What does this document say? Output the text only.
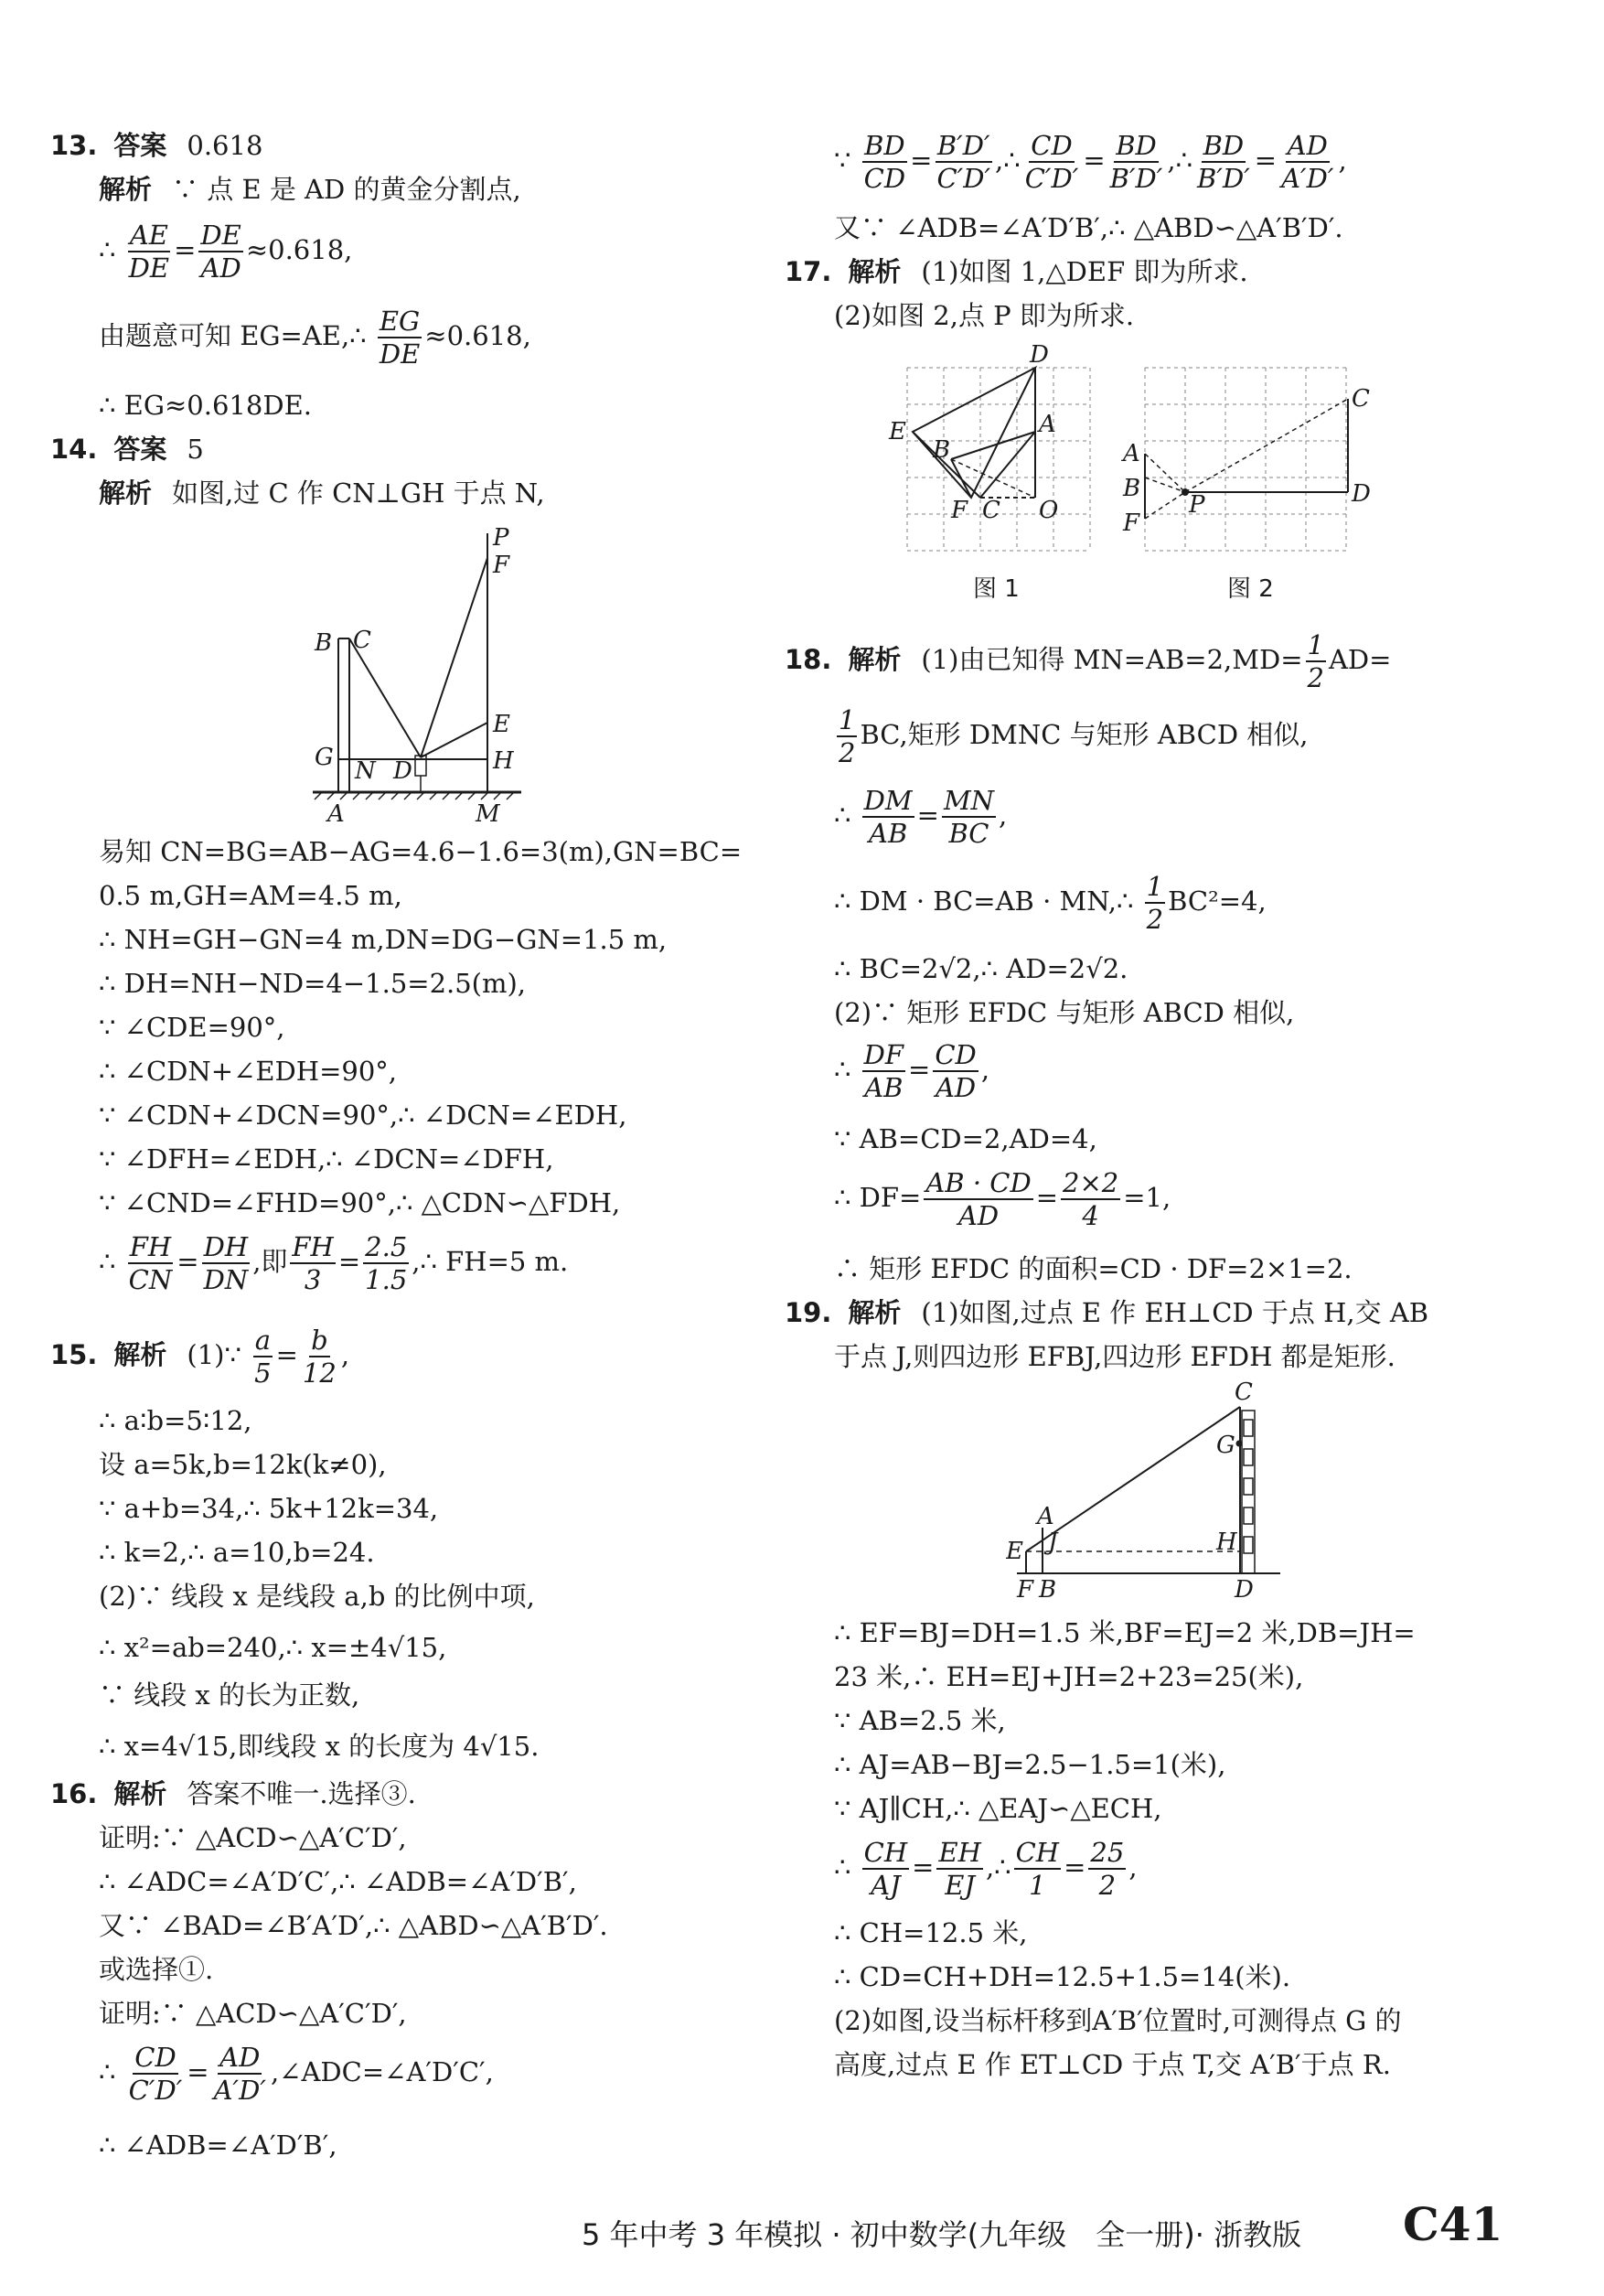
13. 答案 0.618
解析 ∵ 点 E 是 AD 的黄金分割点,
∴ $\frac{AE}{DE} = \frac{DE}{AD} \approx 0.618$,
由题意可知 EG=AE,∴ $\frac{EG}{DE} \approx 0.618$,
∴ EG≈0.618DE.
14. 答案 5
解析 如图,过 C 作 CN⊥GH 于点 N,
P
F
B C
E
G N D	H
A	M
易知 CN=BG=AB−AG=4.6−1.6=3(m),GN=BC=
0.5 m,GH=AM=4.5 m,
∴ NH=GH−GN=4 m,DN=DG−GN=1.5 m,
∴ DH=NH−ND=4−1.5=2.5(m),
∵ ∠CDE=90°,
∴ ∠CDN+∠EDH=90°,
∵ ∠CDN+∠DCN=90°,∴ ∠DCN=∠EDH,
∵ ∠DFH=∠EDH,∴ ∠DCN=∠DFH,
∵ ∠CND=∠FHD=90°,∴ △CDN∽△FDH,
∴ $\frac{FH}{CN} = \frac{DH}{DN}$ ,即 $\frac{FH}{3} = \frac{2.5}{1.5}$ ,∴ FH=5 m.
15. 解析 (1)∵ $\frac{a}{5} = \frac{b}{12}$ ,
∴ a∶b=5∶12,
设 a=5k,b=12k(k≠0),
∵ a+b=34,∴ 5k+12k=34,
∴ k=2,∴ a=10,b=24.
(2)∵ 线段 x 是线段 a,b 的比例中项,
∴ x²=ab=240,∴ x=±4√15,
∵ 线段 x 的长为正数,
∴ x=4√15,即线段 x 的长度为 4√15.
16. 解析 答案不唯一.选择③.
证明:∵ △ACD∽△A′C′D′,
∴ ∠ADC=∠A′D′C′,∴ ∠ADB=∠A′D′B′,
又∵ ∠BAD=∠B′A′D′,∴ △ABD∽△A′B′D′.
或选择①.
证明:∵ △ACD∽△A′C′D′,
∴ $\frac{CD}{C'D'} = \frac{AD}{A'D'}$ ,∠ADC=∠A′D′C′,
∴ ∠ADB=∠A′D′B′,
∵ $\frac{BD}{CD} = \frac{B'D'}{C'D'}$ ,∴ $\frac{CD}{C'D'} = \frac{BD}{B'D'}$ ,∴ $\frac{BD}{B'D'} = \frac{AD}{A'D'}$ ,
又∵ ∠ADB=∠A′D′B′,∴ △ABD∽△A′B′D′.
17. 解析 (1)如图 1,△DEF 即为所求.
(2)如图 2,点 P 即为所求.
D
E	A
B
F C O
图 1
C
A
B
P	D
F
图 2
18. 解析 (1)由已知得 $MN=AB=2,MD= \frac{1}{2} AD=$
$\frac{1}{2}$ BC,矩形 DMNC 与矩形 ABCD 相似,
∴ $\frac{DM}{AB} = \frac{MN}{BC}$ ,
∴ DM · BC=AB · MN,∴ $\frac{1}{2} BC^2=4$,
∴ BC=2√2,∴ AD=2√2.
(2)∵ 矩形 EFDC 与矩形 ABCD 相似,
∴ $\frac{DF}{AB} = \frac{CD}{AD}$ ,
∵ AB=CD=2,AD=4,
∴ $DF= \frac{AB \cdot CD}{AD} = \frac{2\times 2}{4} =1$,
∴ 矩形 EFDC 的面积=CD · DF=2×1=2.
19. 解析 (1)如图,过点 E 作 EH⊥CD 于点 H,交 AB
于点 J,则四边形 EFBJ,四边形 EFDH 都是矩形.
C
G
A
E J	H
F B	D
∴ EF=BJ=DH=1.5 米,BF=EJ=2 米,DB=JH=
23 米,∴ EH=EJ+JH=2+23=25(米),
∵ AB=2.5 米,
∴ AJ=AB−BJ=2.5−1.5=1(米),
∵ AJ∥CH,∴ △EAJ∽△ECH,
∴ $\frac{CH}{AJ} = \frac{EH}{EJ}$ ,∴ $\frac{CH}{1} = \frac{25}{2}$ ,
∴ CH=12.5 米,
∴ CD=CH+DH=12.5+1.5=14(米).
(2)如图,设当标杆移到A′B′位置时,可测得点 G 的
高度,过点 E 作 ET⊥CD 于点 T,交 A′B′于点 R.
5 年中考 3 年模拟 · 初中数学(九年级　全一册)· 浙教版 C41
